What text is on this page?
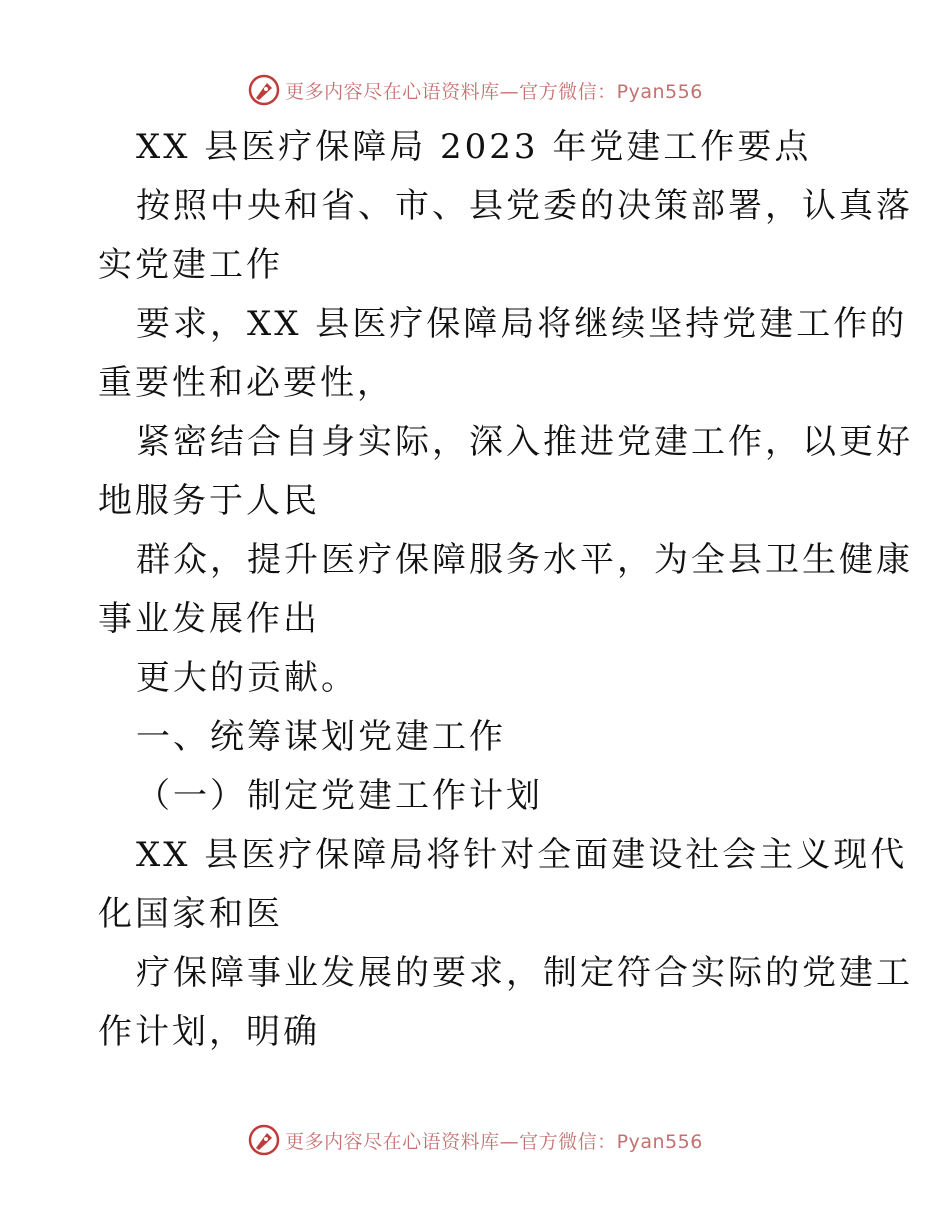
更多内容尽在心语资料库—官方微信：Pyan556
XX 县医疗保障局 2023 年党建工作要点
按照中央和省、市、县党委的决策部署，认真落
实党建工作
要求，XX 县医疗保障局将继续坚持党建工作的
重要性和必要性，
紧密结合自身实际，深入推进党建工作，以更好
地服务于人民
群众，提升医疗保障服务水平，为全县卫生健康
事业发展作出
更大的贡献。
一、统筹谋划党建工作
（一）制定党建工作计划
XX 县医疗保障局将针对全面建设社会主义现代
化国家和医
疗保障事业发展的要求，制定符合实际的党建工
作计划，明确
更多内容尽在心语资料库—官方微信：Pyan556
